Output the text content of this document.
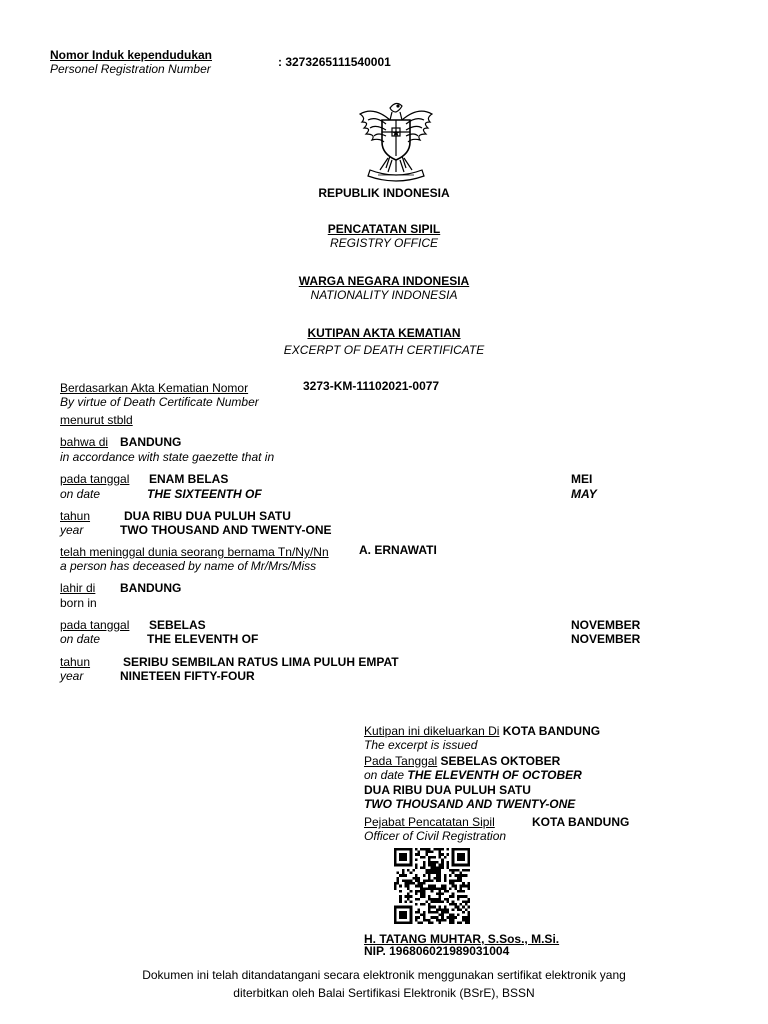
Nomor Induk kependudukan
Personel Registration Number	: 3273265111540001
REPUBLIK INDONESIA
PENCATATAN SIPIL
REGISTRY OFFICE
WARGA NEGARA INDONESIA
NATIONALITY INDONESIA
KUTIPAN AKTA KEMATIAN
EXCERPT OF DEATH CERTIFICATE
Berdasarkan Akta Kematian Nomor
By virtue of Death Certificate Number
3273-KM-11102021-0077
menurut stbld
bahwa di BANDUNG
in accordance with state gaezette that in
pada tanggal ENAM BELAS	MEI
on date	THE SIXTEENTH OF	MAY
tahun	DUA RIBU DUA PULUH SATU
year	TWO THOUSAND AND TWENTY-ONE
telah meninggal dunia seorang bernama Tn/Ny/Nn	A. ERNAWATI
a person has deceased by name of Mr/Mrs/Miss
lahir di BANDUNG
born in
pada tanggal SEBELAS	NOVEMBER
on date	THE ELEVENTH OF	NOVEMBER
tahun	SERIBU SEMBILAN RATUS LIMA PULUH EMPAT
year	NINETEEN FIFTY-FOUR
Kutipan ini dikeluarkan Di KOTA BANDUNG
The excerpt is issued
Pada Tanggal SEBELAS OKTOBER
on date THE ELEVENTH OF OCTOBER
DUA RIBU DUA PULUH SATU
TWO THOUSAND AND TWENTY-ONE
Pejabat Pencatatan Sipil	KOTA BANDUNG
Officer of Civil Registration
H. TATANG MUHTAR, S.Sos., M.Si.
NIP. 196806021989031004
Dokumen ini telah ditandatangani secara elektronik menggunakan sertifikat elektronik yang
diterbitkan oleh Balai Sertifikasi Elektronik (BSrE), BSSN
